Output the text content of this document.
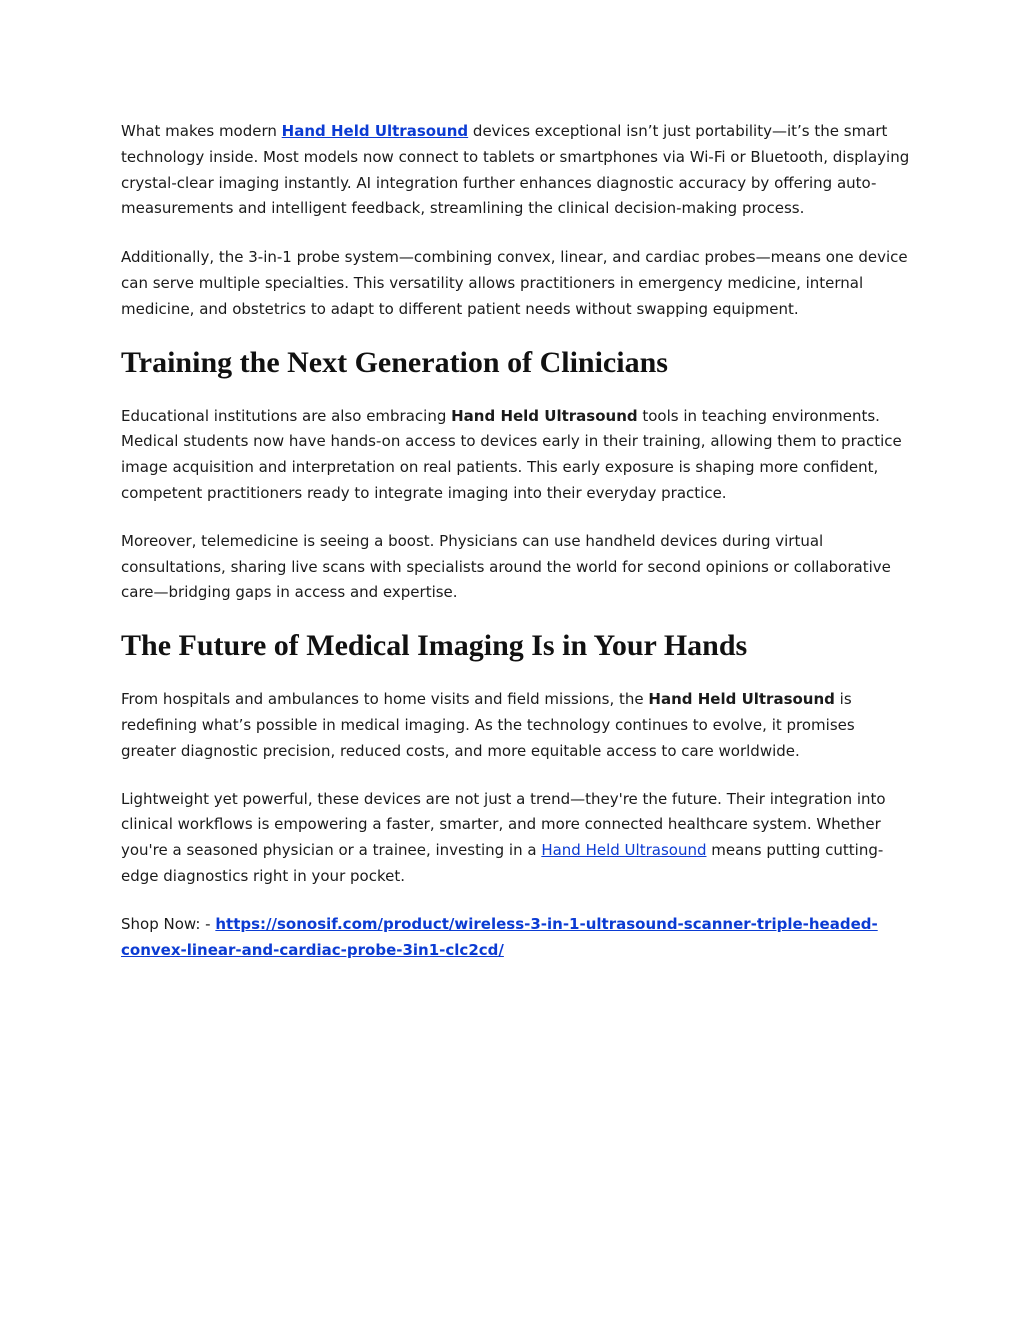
What makes modern Hand Held Ultrasound devices exceptional isn’t just portability—it’s the smart technology inside. Most models now connect to tablets or smartphones via Wi-Fi or Bluetooth, displaying crystal-clear imaging instantly. AI integration further enhances diagnostic accuracy by offering auto-measurements and intelligent feedback, streamlining the clinical decision-making process.

Additionally, the 3-in-1 probe system—combining convex, linear, and cardiac probes—means one device can serve multiple specialties. This versatility allows practitioners in emergency medicine, internal medicine, and obstetrics to adapt to different patient needs without swapping equipment.

Training the Next Generation of Clinicians

Educational institutions are also embracing Hand Held Ultrasound tools in teaching environments. Medical students now have hands-on access to devices early in their training, allowing them to practice image acquisition and interpretation on real patients. This early exposure is shaping more confident, competent practitioners ready to integrate imaging into their everyday practice.

Moreover, telemedicine is seeing a boost. Physicians can use handheld devices during virtual consultations, sharing live scans with specialists around the world for second opinions or collaborative care—bridging gaps in access and expertise.

The Future of Medical Imaging Is in Your Hands

From hospitals and ambulances to home visits and field missions, the Hand Held Ultrasound is redefining what’s possible in medical imaging. As the technology continues to evolve, it promises greater diagnostic precision, reduced costs, and more equitable access to care worldwide.

Lightweight yet powerful, these devices are not just a trend—they're the future. Their integration into clinical workflows is empowering a faster, smarter, and more connected healthcare system. Whether you're a seasoned physician or a trainee, investing in a Hand Held Ultrasound means putting cutting-edge diagnostics right in your pocket.

Shop Now: - https://sonosif.com/product/wireless-3-in-1-ultrasound-scanner-triple-headed-convex-linear-and-cardiac-probe-3in1-clc2cd/
